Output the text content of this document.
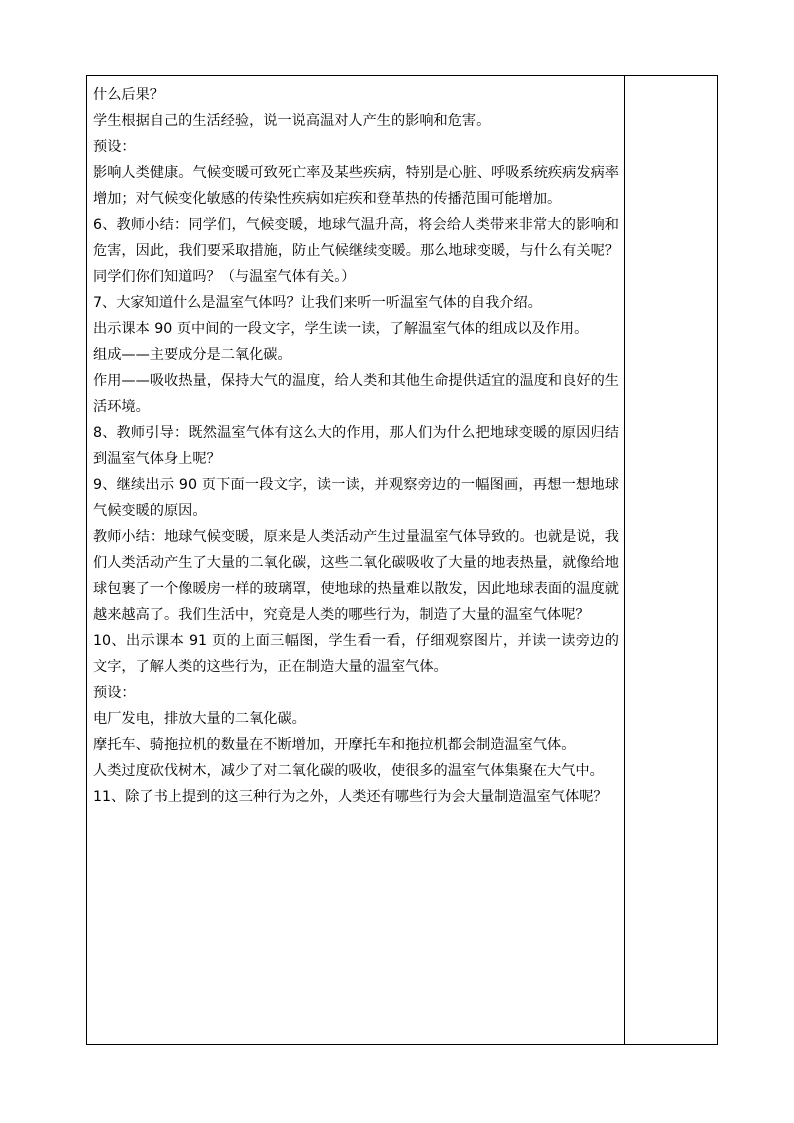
什么后果？

学生根据自己的生活经验，说一说高温对人产生的影响和危害。

预设：

影响人类健康。气候变暖可致死亡率及某些疾病，特别是心脏、呼吸系统疾病发病率增加；对气候变化敏感的传染性疾病如疟疾和登革热的传播范围可能增加。

6、教师小结：同学们，气候变暖，地球气温升高，将会给人类带来非常大的影响和危害，因此，我们要采取措施，防止气候继续变暖。那么地球变暖，与什么有关呢？同学们你们知道吗？（与温室气体有关。）

7、大家知道什么是温室气体吗？让我们来听一听温室气体的自我介绍。

出示课本 90 页中间的一段文字，学生读一读，了解温室气体的组成以及作用。

组成——主要成分是二氧化碳。

作用——吸收热量，保持大气的温度，给人类和其他生命提供适宜的温度和良好的生活环境。

8、教师引导：既然温室气体有这么大的作用，那人们为什么把地球变暖的原因归结到温室气体身上呢？

9、继续出示 90 页下面一段文字，读一读，并观察旁边的一幅图画，再想一想地球气候变暖的原因。

教师小结：地球气候变暖，原来是人类活动产生过量温室气体导致的。也就是说，我们人类活动产生了大量的二氧化碳，这些二氧化碳吸收了大量的地表热量，就像给地球包裹了一个像暖房一样的玻璃罩，使地球的热量难以散发，因此地球表面的温度就越来越高了。我们生活中，究竟是人类的哪些行为，制造了大量的温室气体呢？

10、出示课本 91 页的上面三幅图，学生看一看，仔细观察图片，并读一读旁边的文字，了解人类的这些行为，正在制造大量的温室气体。

预设：

电厂发电，排放大量的二氧化碳。

摩托车、骑拖拉机的数量在不断增加，开摩托车和拖拉机都会制造温室气体。

人类过度砍伐树木，减少了对二氧化碳的吸收，使很多的温室气体集聚在大气中。

11、除了书上提到的这三种行为之外，人类还有哪些行为会大量制造温室气体呢？
